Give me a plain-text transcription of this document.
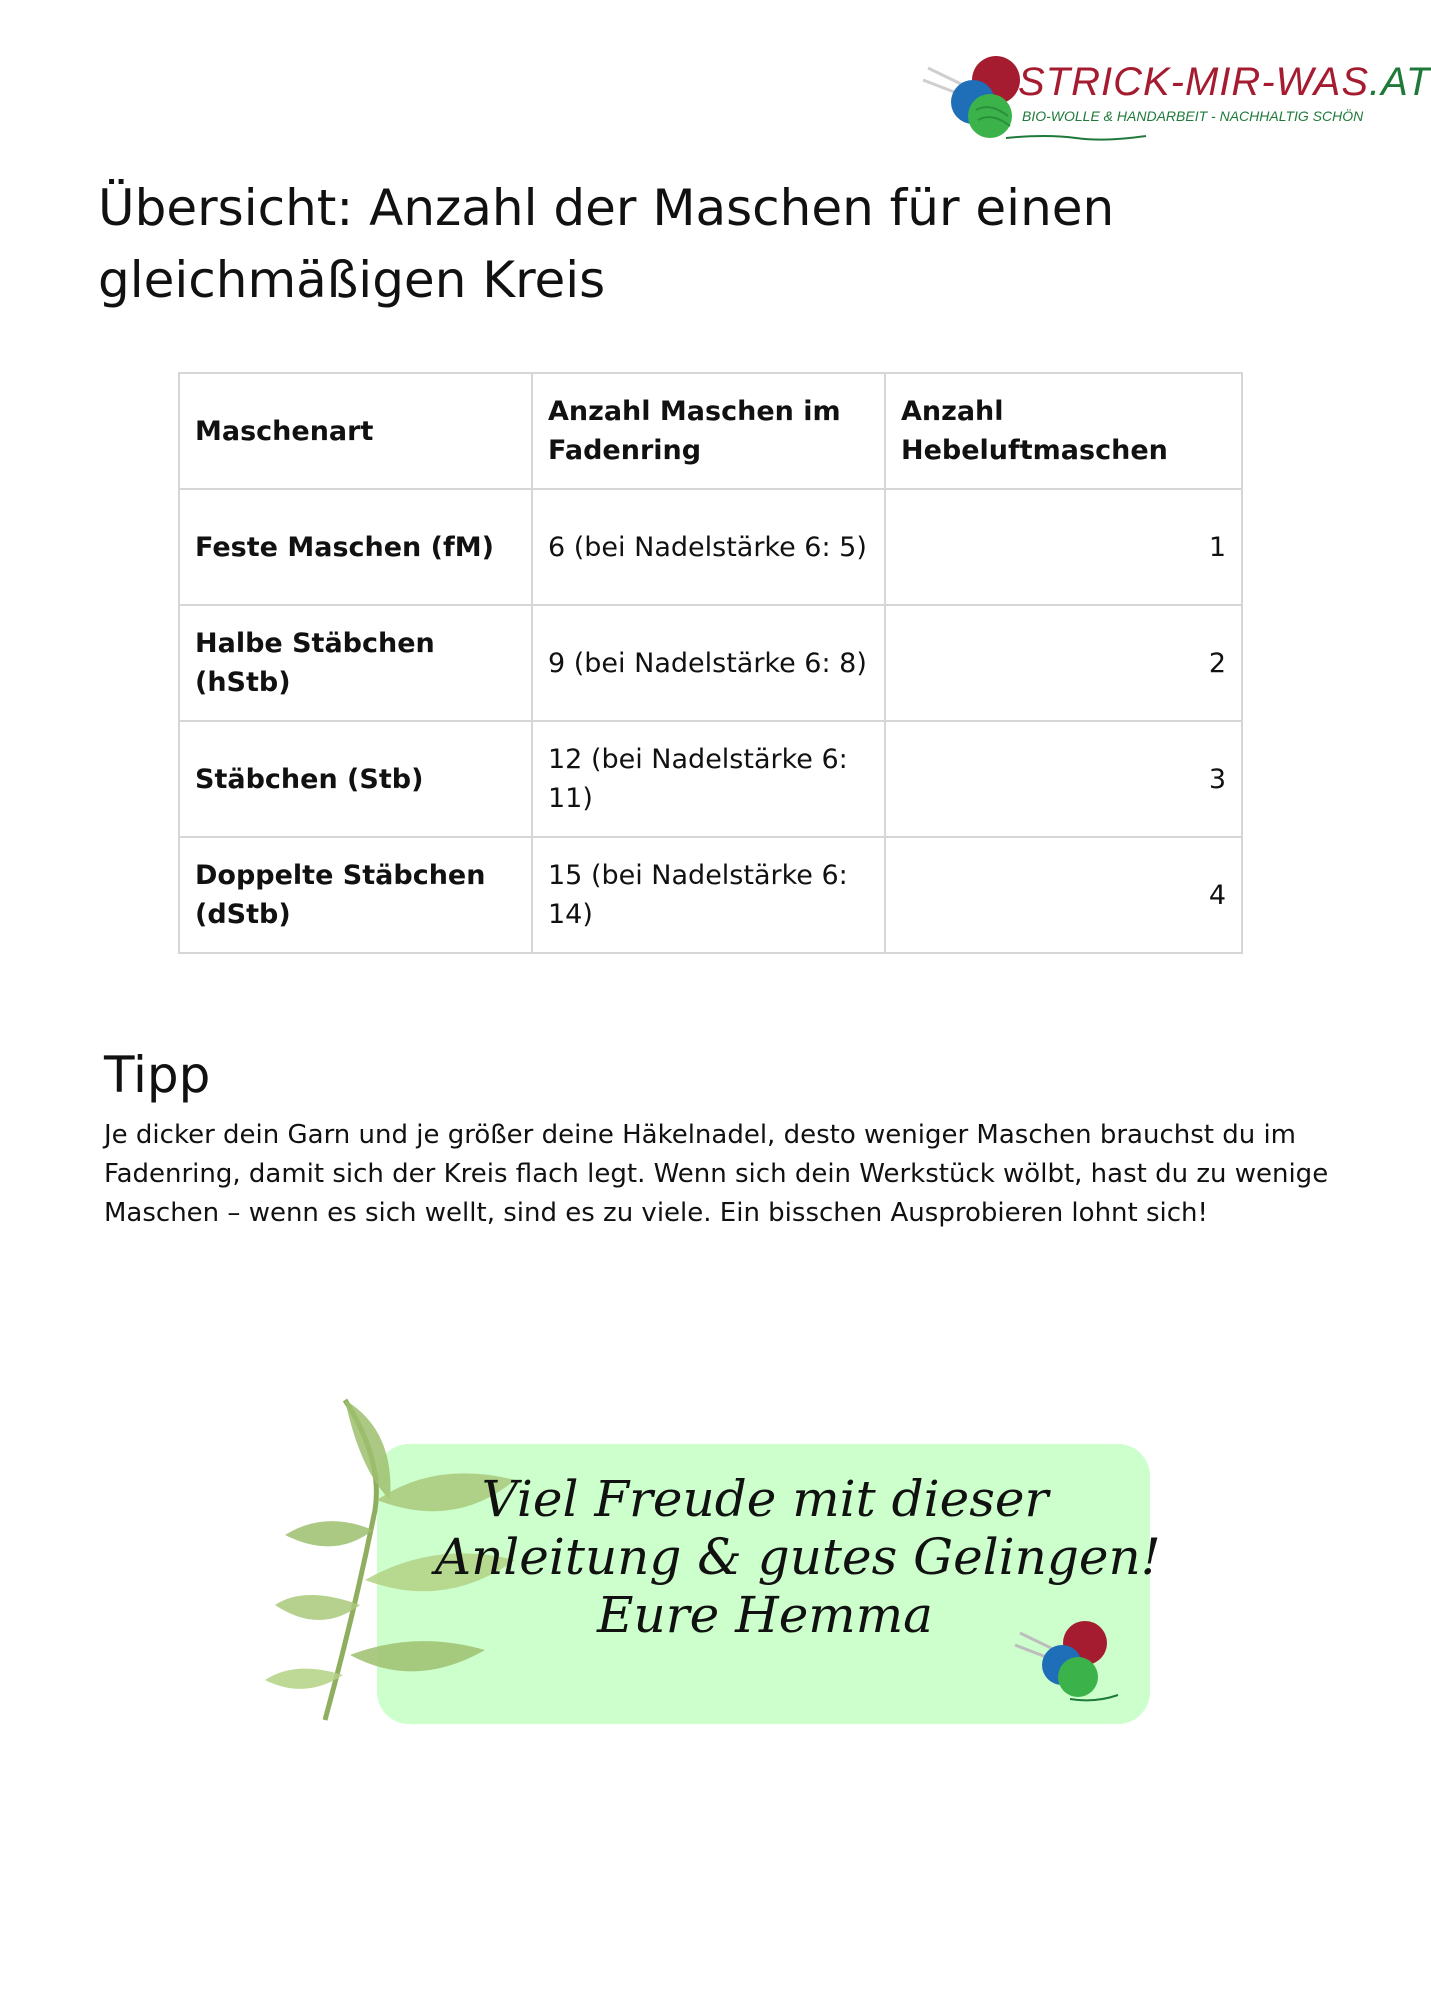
STRICK-MIR-WAS.AT
BIO-WOLLE & HANDARBEIT - NACHHALTIG SCHÖN
Übersicht: Anzahl der Maschen für einen gleichmäßigen Kreis
Maschenart	Anzahl Maschen im Fadenring	Anzahl Hebeluftmaschen
Feste Maschen (fM)	6 (bei Nadelstärke 6: 5)	1
Halbe Stäbchen (hStb)	9 (bei Nadelstärke 6: 8)	2
Stäbchen (Stb)	12 (bei Nadelstärke 6: 11)	3
Doppelte Stäbchen (dStb)	15 (bei Nadelstärke 6: 14)	4
Tipp

Je dicker dein Garn und je größer deine Häkelnadel, desto weniger Maschen brauchst du im Fadenring, damit sich der Kreis flach legt. Wenn sich dein Werkstück wölbt, hast du zu wenige Maschen – wenn es sich wellt, sind es zu viele. Ein bisschen Ausprobieren lohnt sich!

Viel Freude mit dieser
Anleitung & gutes Gelingen!
Eure Hemma
